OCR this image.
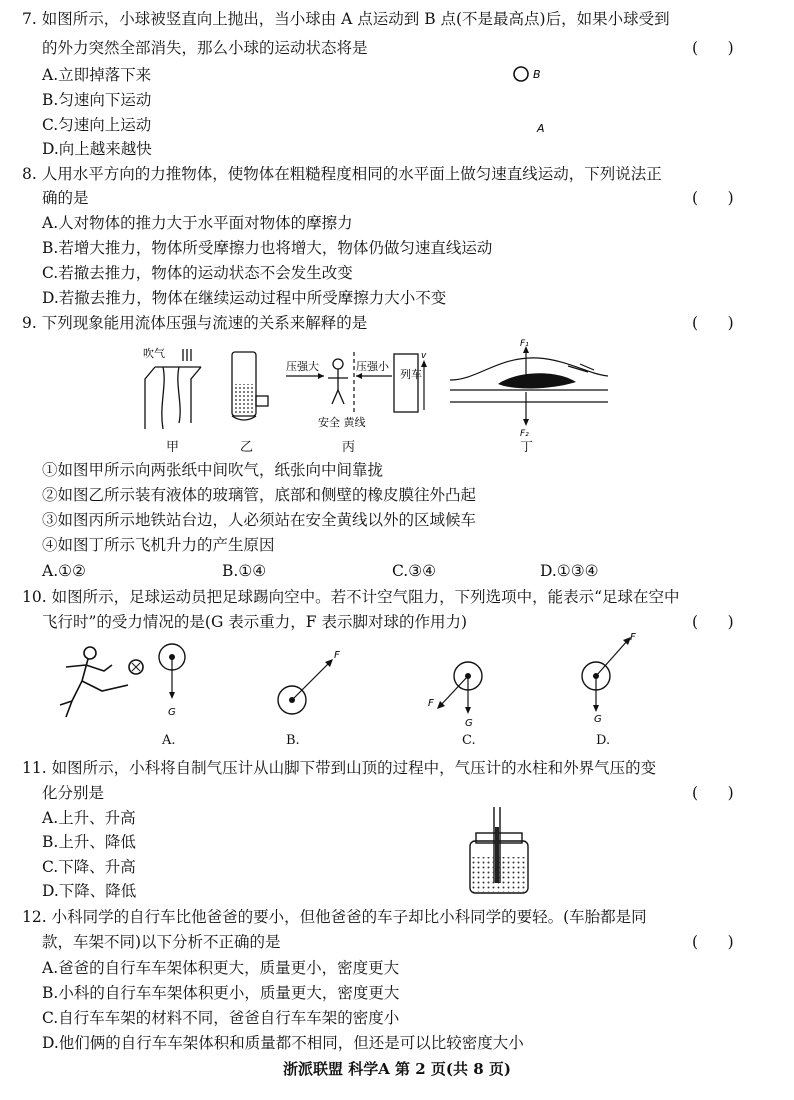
7. 如图所示，小球被竖直向上抛出，当小球由 A 点运动到 B 点(不是最高点)后，如果小球受到
的外力突然全部消失，那么小球的运动状态将是	(      )
A.立即掉落下来
B.匀速向下运动
C.匀速向上运动
D.向上越来越快
B
A
8. 人用水平方向的力推物体，使物体在粗糙程度相同的水平面上做匀速直线运动，下列说法正
确的是	(      )
A.人对物体的推力大于水平面对物体的摩擦力
B.若增大推力，物体所受摩擦力也将增大，物体仍做匀速直线运动
C.若撤去推力，物体的运动状态不会发生改变
D.若撤去推力，物体在继续运动过程中所受摩擦力大小不变
9. 下列现象能用流体压强与流速的关系来解释的是	(      )
吹气
甲	乙
压强大	压强小
列车
v
安全 黄线
丙
F₁
F₂
丁
①如图甲所示向两张纸中间吹气，纸张向中间靠拢
②如图乙所示装有液体的玻璃管，底部和侧壁的橡皮膜往外凸起
③如图丙所示地铁站台边，人必须站在安全黄线以外的区域候车
④如图丁所示飞机升力的产生原因
A.①②	B.①④	C.③④	D.①③④
10. 如图所示，足球运动员把足球踢向空中。若不计空气阻力，下列选项中，能表示“足球在空中
飞行时”的受力情况的是(G 表示重力，F 表示脚对球的作用力)	(      )
G
A.
F
B.
F
G
C.
F
G
D.
11. 如图所示，小科将自制气压计从山脚下带到山顶的过程中，气压计的水柱和外界气压的变
化分别是	(      )
A.上升、升高
B.上升、降低
C.下降、升高
D.下降、降低
12. 小科同学的自行车比他爸爸的要小，但他爸爸的车子却比小科同学的要轻。(车胎都是同
款，车架不同)以下分析不正确的是	(      )
A.爸爸的自行车车架体积更大，质量更小，密度更大
B.小科的自行车车架体积更小，质量更大，密度更大
C.自行车车架的材料不同，爸爸自行车车架的密度小
D.他们俩的自行车车架体积和质量都不相同，但还是可以比较密度大小
浙派联盟 科学A 第 2 页(共 8 页)
